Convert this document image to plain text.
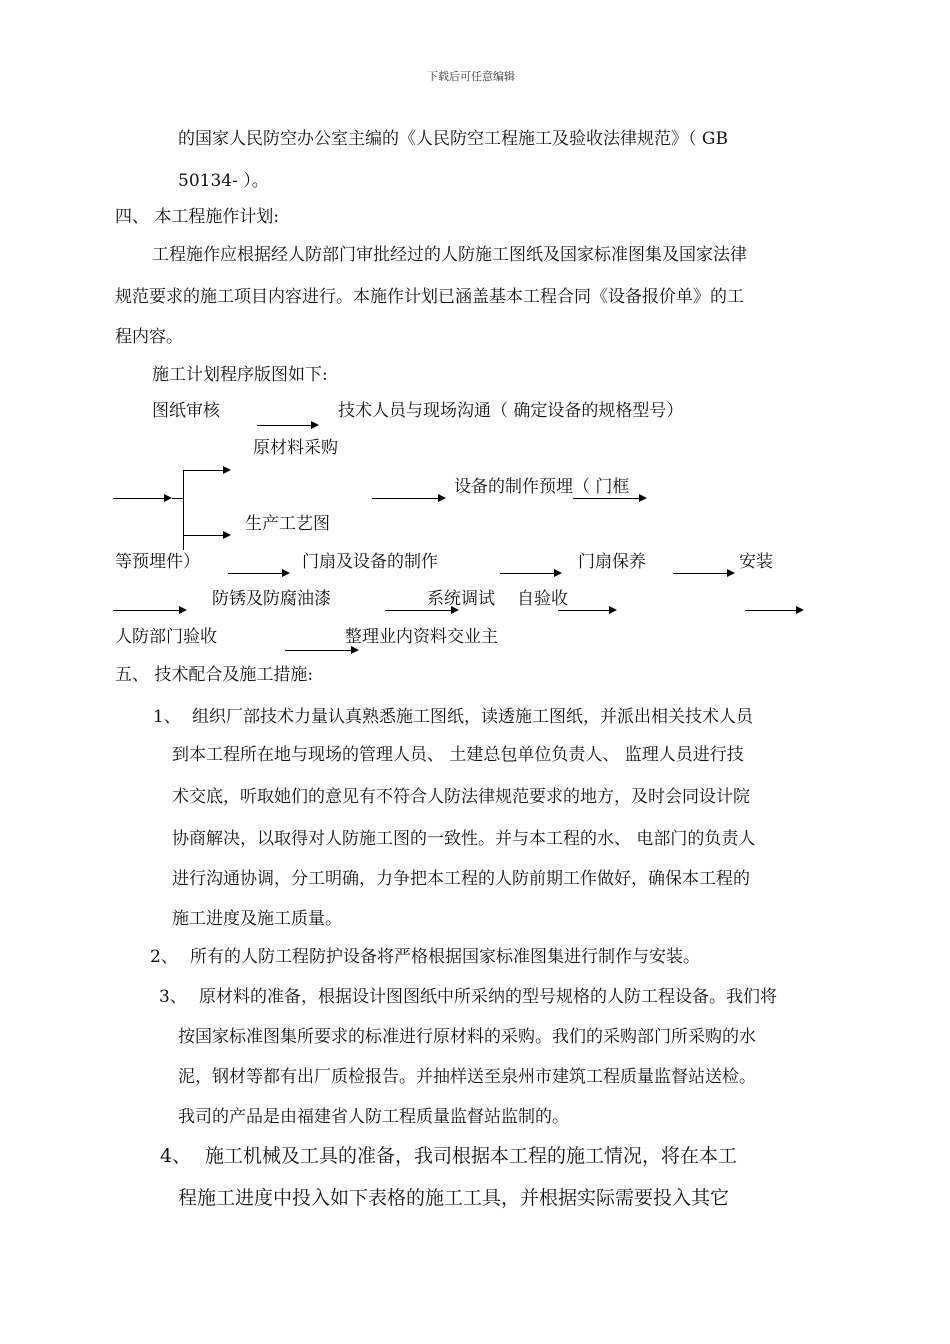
下载后可任意编辑
的国家人民防空办公室主编的《人民防空工程施工及验收法律规范》（ GB
50134- ）。
四、 本工程施作计划:
工程施作应根据经人防部门审批经过的人防施工图纸及国家标准图集及国家法律
规范要求的施工项目内容进行。本施作计划已涵盖基本工程合同《设备报价单》的工
程内容。
施工计划程序版图如下:
图纸审核	技术人员与现场沟通（ 确定设备的规格型号）
原材料采购
设备的制作预埋（ 门框
生产工艺图
等预埋件）	门扇及设备的制作	门扇保养	安装
防锈及防腐油漆	系统调试 自验收
人防部门验收	整理业内资料交业主
五、 技术配合及施工措施:
1、 组织厂部技术力量认真熟悉施工图纸，读透施工图纸，并派出相关技术人员
到本工程所在地与现场的管理人员、 土建总包单位负责人、 监理人员进行技
术交底，听取她们的意见有不符合人防法律规范要求的地方，及时会同设计院
协商解决，以取得对人防施工图的一致性。并与本工程的水、 电部门的负责人
进行沟通协调，分工明确，力争把本工程的人防前期工作做好，确保本工程的
施工进度及施工质量。
2、 所有的人防工程防护设备将严格根据国家标准图集进行制作与安装。
3、 原材料的准备，根据设计图图纸中所采纳的型号规格的人防工程设备。我们将
按国家标准图集所要求的标准进行原材料的采购。我们的采购部门所采购的水
泥，钢材等都有出厂质检报告。并抽样送至泉州市建筑工程质量监督站送检。
我司的产品是由福建省人防工程质量监督站监制的。
4、 施工机械及工具的准备，我司根据本工程的施工情况，将在本工
程施工进度中投入如下表格的施工工具，并根据实际需要投入其它
